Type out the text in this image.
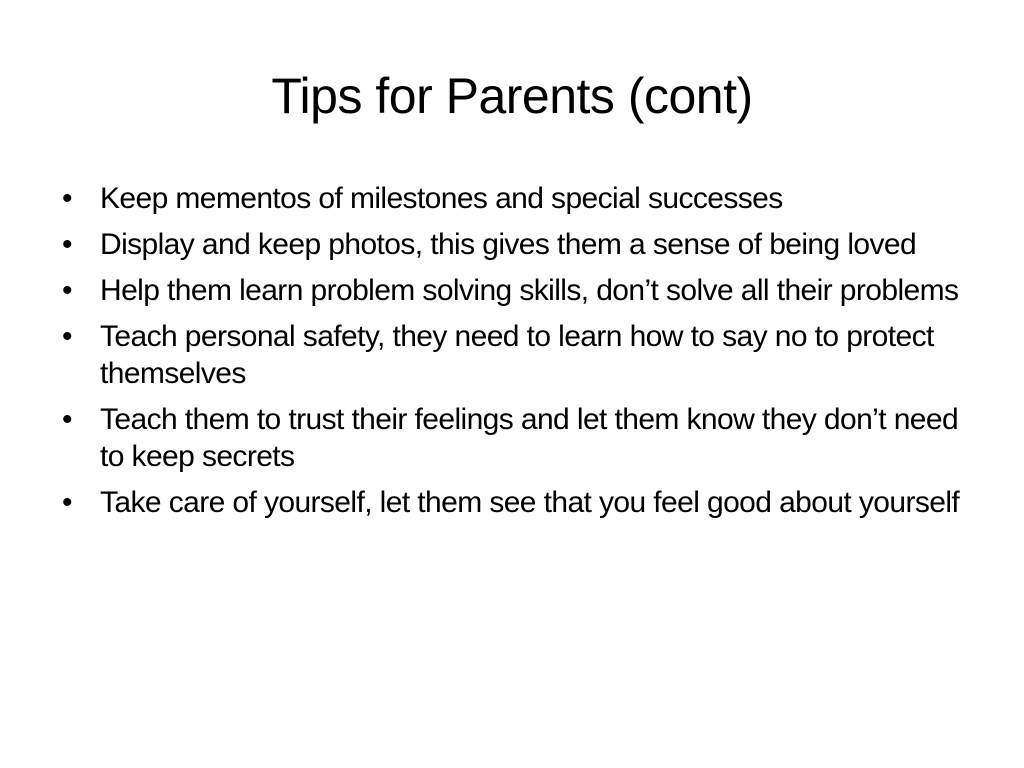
Tips for Parents (cont)
• Keep mementos of milestones and special successes
• Display and keep photos, this gives them a sense of being loved
• Help them learn problem solving skills, don’t solve all their problems
• Teach personal safety, they need to learn how to say no to protect themselves
• Teach them to trust their feelings and let them know they don’t need to keep secrets
• Take care of yourself, let them see that you feel good about yourself
